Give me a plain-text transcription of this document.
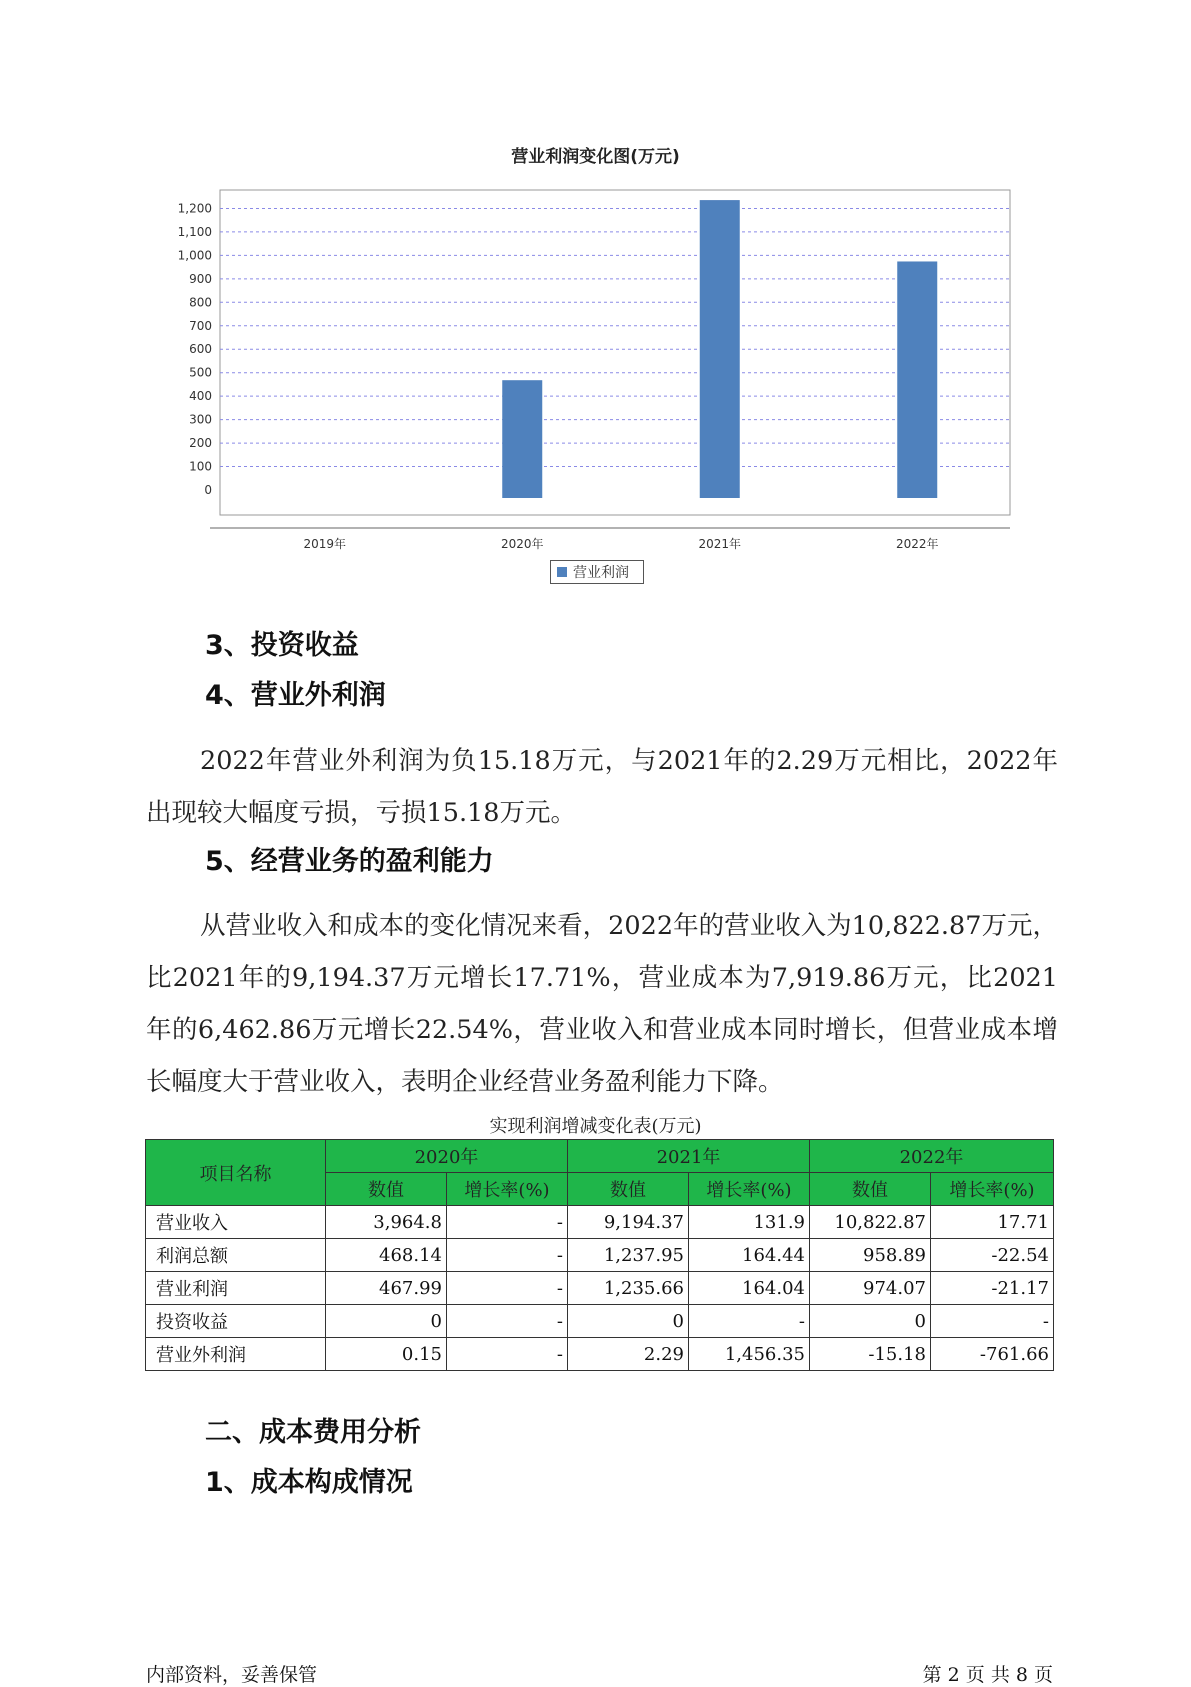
营业利润变化图(万元)
0
100
200
300
400
500
600
700
800
900
1,000
1,100
1,200
2019年	2020年	2021年	2022年
营业利润
3、投资收益
4、营业外利润
2022年营业外利润为负15.18万元，与2021年的2.29万元相比，2022年出现较大幅度亏损，亏损15.18万元。
5、经营业务的盈利能力
从营业收入和成本的变化情况来看，2022年的营业收入为10,822.87万元，比2021年的9,194.37万元增长17.71%，营业成本为7,919.86万元，比2021年的6,462.86万元增长22.54%，营业收入和营业成本同时增长，但营业成本增长幅度大于营业收入，表明企业经营业务盈利能力下降。
实现利润增减变化表(万元)
项目名称	2020年		2021年		2022年	
	数值	增长率(%)	数值	增长率(%)	数值	增长率(%)
营业收入	3,964.8	-	9,194.37	131.9	10,822.87	17.71
利润总额	468.14	-	1,237.95	164.44	958.89	-22.54
营业利润	467.99	-	1,235.66	164.04	974.07	-21.17
投资收益	0	-	0	-	0	-
营业外利润	0.15	-	2.29	1,456.35	-15.18	-761.66
二、成本费用分析
1、成本构成情况
内部资料，妥善保管	第 2 页 共 8 页
